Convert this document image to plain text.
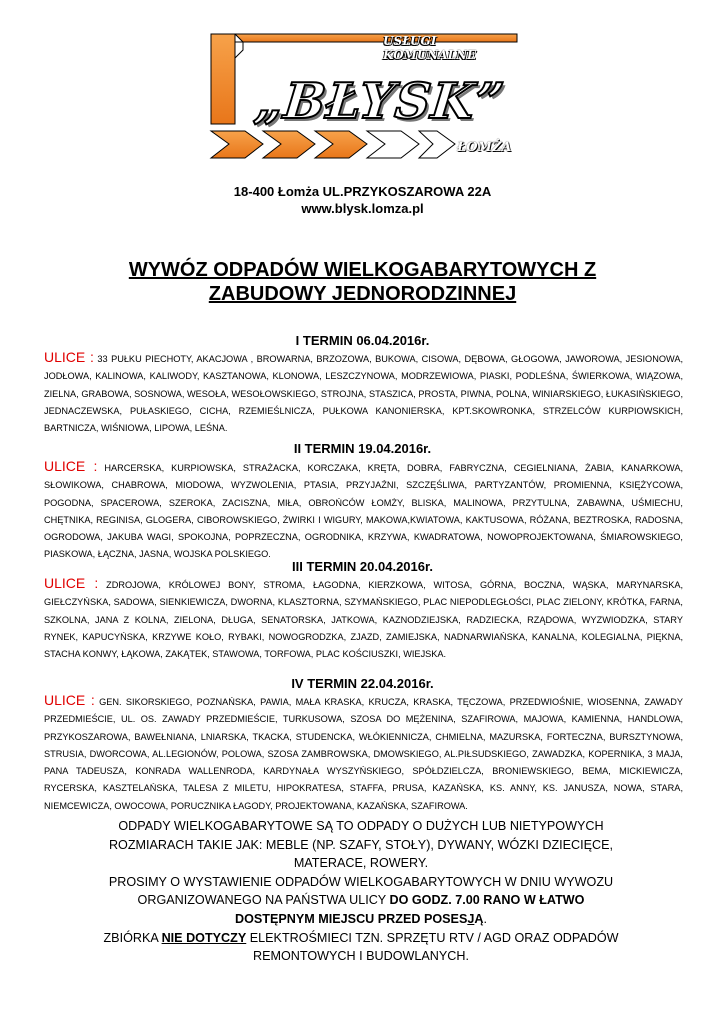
USŁUGI KOMUNALNE
„BŁYSK”
ŁOMŻA
18-400 Łomża UL.PRZYKOSZAROWA 22A
www.blysk.lomza.pl
WYWÓZ ODPADÓW WIELKOGABARYTOWYCH Z
ZABUDOWY JEDNORODZINNEJ
I TERMIN 06.04.2016r.
ULICE : 33 PUŁKU PIECHOTY, AKACJOWA , BROWARNA, BRZOZOWA, BUKOWA, CISOWA, DĘBOWA, GŁOGOWA, JAWOROWA, JESIONOWA, JODŁOWA, KALINOWA, KALIWODY, KASZTANOWA, KLONOWA, LESZCZYNOWA, MODRZEWIOWA, PIASKI, PODLEŚNA, ŚWIERKOWA, WIĄZOWA, ZIELNA, GRABOWA, SOSNOWA, WESOŁA, WESOŁOWSKIEGO, STROJNA, STASZICA, PROSTA, PIWNA, POLNA, WINIARSKIEGO, ŁUKASIŃSKIEGO, JEDNACZEWSKA, PUŁASKIEGO, CICHA, RZEMIEŚLNICZA, PUŁKOWA KANONIERSKA, KPT.SKOWRONKA, STRZELCÓW KURPIOWSKICH, BARTNICZA, WIŚNIOWA, LIPOWA, LEŚNA.
II TERMIN 19.04.2016r.
ULICE : HARCERSKA, KURPIOWSKA, STRAŻACKA, KORCZAKA, KRĘTA, DOBRA, FABRYCZNA, CEGIELNIANA, ŻABIA, KANARKOWA, SŁOWIKOWA, CHABROWA, MIODOWA, WYZWOLENIA, PTASIA, PRZYJAŹNI, SZCZĘŚLIWA, PARTYZANTÓW, PROMIENNA, KSIĘŻYCOWA, POGODNA, SPACEROWA, SZEROKA, ZACISZNA, MIŁA, OBROŃCÓW ŁOMŻY, BLISKA, MALINOWA, PRZYTULNA, ZABAWNA, UŚMIECHU, CHĘTNIKA, REGINISA, GLOGERA, CIBOROWSKIEGO, ŻWIRKI I WIGURY, MAKOWA,KWIATOWA, KAKTUSOWA, RÓŻANA, BEZTROSKA, RADOSNA, OGRODOWA, JAKUBA WAGI, SPOKOJNA, POPRZECZNA, OGRODNIKA, KRZYWA, KWADRATOWA, NOWOPROJEKTOWANA, ŚMIAROWSKIEGO, PIASKOWA, ŁĄCZNA, JASNA, WOJSKA POLSKIEGO.
III TERMIN 20.04.2016r.
ULICE : ZDROJOWA, KRÓLOWEJ BONY, STROMA, ŁAGODNA, KIERZKOWA, WITOSA, GÓRNA, BOCZNA, WĄSKA, MARYNARSKA, GIEŁCZYŃSKA, SADOWA, SIENKIEWICZA, DWORNA, KLASZTORNA, SZYMAŃSKIEGO, PLAC NIEPODLEGŁOŚCI, PLAC ZIELONY, KRÓTKA, FARNA, SZKOLNA, JANA Z KOLNA, ZIELONA, DŁUGA, SENATORSKA, JATKOWA, KAZNODZIEJSKA, RADZIECKA, RZĄDOWA, WYZWIODZKA, STARY RYNEK, KAPUCYŃSKA, KRZYWE KOŁO, RYBAKI, NOWOGRODZKA, ZJAZD, ZAMIEJSKA, NADNARWIAŃSKA, KANALNA, KOLEGIALNA, PIĘKNA, STACHA KONWY, ŁĄKOWA, ZAKĄTEK, STAWOWA, TORFOWA, PLAC KOŚCIUSZKI, WIEJSKA.
IV TERMIN 22.04.2016r.
ULICE : GEN. SIKORSKIEGO, POZNAŃSKA, PAWIA, MAŁA KRASKA, KRUCZA, KRASKA, TĘCZOWA, PRZEDWIOŚNIE, WIOSENNA, ZAWADY PRZEDMIEŚCIE, UL. OS. ZAWADY PRZEDMIEŚCIE, TURKUSOWA, SZOSA DO MĘŻENINA, SZAFIROWA, MAJOWA, KAMIENNA, HANDLOWA, PRZYKOSZAROWA, BAWEŁNIANA, LNIARSKA, TKACKA, STUDENCKA, WŁÓKIENNICZA, CHMIELNA, MAZURSKA, FORTECZNA, BURSZTYNOWA, STRUSIA, DWORCOWA, AL.LEGIONÓW, POLOWA, SZOSA ZAMBROWSKA, DMOWSKIEGO, AL.PIŁSUDSKIEGO, ZAWADZKA, KOPERNIKA, 3 MAJA, PANA TADEUSZA, KONRADA WALLENRODA, KARDYNAŁA WYSZYŃSKIEGO, SPÓŁDZIELCZA, BRONIEWSKIEGO, BEMA, MICKIEWICZA, RYCERSKA, KASZTELAŃSKA, TALESA Z MILETU, HIPOKRATESA, STAFFA, PRUSA, KAZAŃSKA, KS. ANNY, KS. JANUSZA, NOWA, STARA, NIEMCEWICZA, OWOCOWA, PORUCZNIKA ŁAGODY, PROJEKTOWANA, KAZAŃSKA, SZAFIROWA.
ODPADY WIELKOGABARYTOWE SĄ TO ODPADY O DUŻYCH LUB NIETYPOWYCH ROZMIARACH TAKIE JAK: MEBLE (NP. SZAFY, STOŁY), DYWANY, WÓZKI DZIECIĘCE, MATERACE, ROWERY.
PROSIMY O WYSTAWIENIE ODPADÓW WIELKOGABARYTOWYCH W DNIU WYWOZU ORGANIZOWANEGO NA PAŃSTWA ULICY DO GODZ. 7.00 RANO W ŁATWO DOSTĘPNYM MIEJSCU PRZED POSESJĄ.
ZBIÓRKA NIE DOTYCZY ELEKTROŚMIECI TZN. SPRZĘTU RTV / AGD ORAZ ODPADÓW REMONTOWYCH I BUDOWLANYCH.
